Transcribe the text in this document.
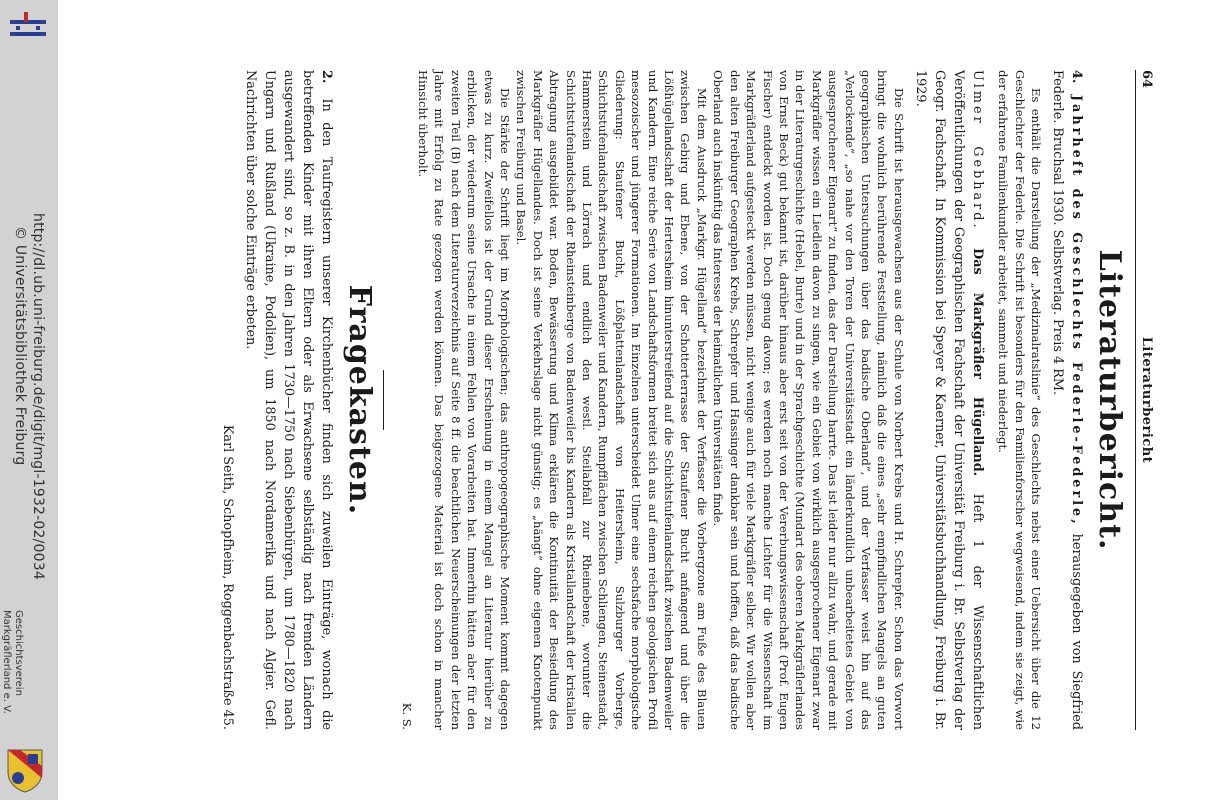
http://dl.ub.uni-freiburg.de/digit/mgl-1932-02/0034
© Universitätsbibliothek Freiburg
Geschichtsverein
Markgräflerland e. V.
64
Literaturbericht
Literaturbericht.
4. Jahrheft des Geschlechts Federle-Federle, herausgegeben von Siegfried Federle. Bruchsal 1930. Selbstverlag. Preis 4 RM.

Es enthält die Darstellung der „Medizinalratslinie“ des Geschlechts nebst einer Uebersicht über die 12 Geschlechter der Federle. Die Schrift ist besonders für den Familienforscher wegweisend, indem sie zeigt, wie der erfahrene Familienkundler arbeitet, sammelt und niederlegt.

Ulmer Gebhard. Das Markgräfler Hügelland. Heft 1 der Wissenschaftlichen Veröffentlichungen der Geographischen Fachschaft der Universität Freiburg i. Br. Selbstverlag der Geogr. Fachschaft. In Kommission bei Speyer & Kaerner, Universitätsbuchhandlung, Freiburg i. Br. 1929.

Die Schrift ist herausgewachsen aus der Schule von Norbert Krebs und H. Schrepfer. Schon das Vorwort bringt die wohnlich berührende Feststellung, nämlich daß die eines „sehr empfindlichen Mangels an guten geographischen Untersuchungen über das badische Oberland“, und der Verfasser weist hin auf das „Verlockende“, „so nahe vor den Toren der Universitätsstadt ein länderkundlich unbearbeitetes Gebiet von ausgesprochener Eigenart“ zu finden, das der Darstellung harrte. Das ist leider nur allzu wahr, und gerade mit Markgräfler wissen ein Liedlein davon zu singen, wie ein Gebiet von wirklich ausgesprochener Eigenart zwar in der Literaturgeschichte (Hebel, Burte) und in der Sprachgeschichte (Mundart des oberen Markgräflerlandes von Ernst Beck) gut bekannt ist, darüber hinaus aber erst seit von der Vererbungswissenschaft (Prof. Eugen Fischer) entdeckt worden ist. Doch genug davon; es werden noch manche Lichter für die Wissenschaft im Markgräflerland aufgesteckt werden müssen, nicht wenige auch für viele Markgräfler selber. Wir wollen aber den alten Freiburger Geographen Krebs, Schrepfer und Hassinger dankbar sein und hoffen, daß das badische Oberland auch inskünftig das Interesse der heimatlichen Universitäten finde.

Mit dem Ausdruck „Markgr. Hügelland“ bezeichnet der Verfasser die Vorbergzone am Fuße des Blauen zwischen Gebirg und Ebene, von der Schotterterrasse der Staufener Bucht anfangend und über die Lößhügellandschaft der Hertersheim hinunterstreifend auf die Schichtstufenlandschaft zwischen Badenweiler und Kandern. Eine reiche Serie von Landschaftsformen breitet sich aus auf einem reichen geologischen Profil mesozoischer und jüngerer Formationen. Im Einzelnen unterscheidet Ulmer eine sechsfache morphologische Gliederung: Staufener Bucht, Lößplattenlandschaft von Heitersheim, Sulzburger Vorberge, Schichtstufenlandschaft zwischen Badenweiler und Kandern, Rumpfflächen zwischen Schliengen, Steinenstadt, Hammerstein und Lörrach und endlich den westl. Steilabfall zur Rheinebene, worunter die Schichtstufenlandschaft der Rheinsteinberge von Badenweiler bis Kandern als Kristallandschaft der kristallen Abtragung ausgebildet war. Boden, Bewässerung und Klima erklären die Kontinuität der Besiedlung des Markgräfler Hügellandes. Doch ist seine Verkehrslage nicht günstig; es „hängt“ ohne eigenen Knotenpunkt zwischen Freiburg und Basel.

Die Stärke der Schrift liegt im Morphologischen; das anthropogeographische Moment kommt dagegen etwas zu kurz. Zweifellos ist der Grund dieser Erscheinung in einem Mangel an Literatur hierüber zu erblicken, der wiederum seine Ursache in einem Fehlen von Vorarbeiten hat. Immerhin hätten aber für den zweiten Teil (B) nach dem Literaturverzeichnis auf Seite 8 ff. die beachtlichen Neuerscheinungen der letzten Jahre mit Erfolg zu Rate gezogen werden können. Das beigezogene Material ist doch schon in mancher Hinsicht überholt.

K. S.
Fragekasten.
2. In den Taufregistern unserer Kirchenbücher finden sich zuweilen Einträge, wonach die betreffenden Kinder mit ihren Eltern oder als Erwachsene selbständig nach fremden Ländern ausgewandert sind, so z. B. in den Jahren 1730—1750 nach Siebenbürgen, um 1780—1820 nach Ungarn und Rußland (Ukraine, Podolien), um 1850 nach Nordamerika und nach Algier. Gefl. Nachrichten über solche Einträge erbeten.
Karl Seith, Schopfheim, Roggenbachstraße 45.
